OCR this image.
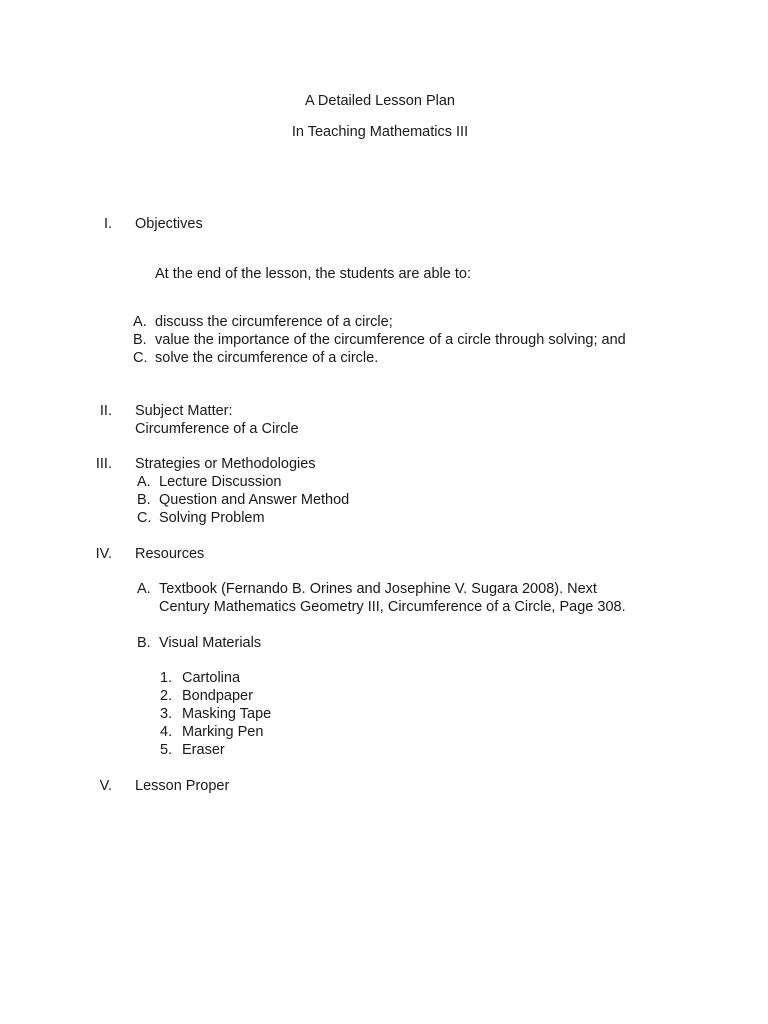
A Detailed Lesson Plan
In Teaching Mathematics III
I. Objectives
At the end of the lesson, the students are able to:
A. discuss the circumference of a circle;
B. value the importance of the circumference of a circle through solving; and
C. solve the circumference of a circle.
II. Subject Matter:
Circumference of a Circle
III. Strategies or Methodologies
A. Lecture Discussion
B. Question and Answer Method
C. Solving Problem
IV. Resources
A. Textbook (Fernando B. Orines and Josephine V. Sugara 2008). Next
Century Mathematics Geometry III, Circumference of a Circle, Page 308.
B. Visual Materials
1. Cartolina
2. Bondpaper
3. Masking Tape
4. Marking Pen
5. Eraser
V. Lesson Proper
